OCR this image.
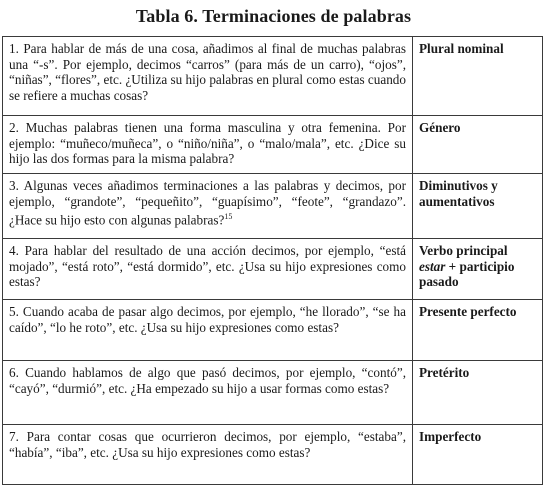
Tabla 6. Terminaciones de palabras
1. Para hablar de más de una cosa, añadimos al final de muchas palabras una “-s”. Por ejemplo, decimos “carros” (para más de un carro), “ojos”, “niñas”, “flores”, etc. ¿Utiliza su hijo palabras en plural como estas cuando se refiere a muchas cosas?	Plural nominal
2. Muchas palabras tienen una forma masculina y otra femenina. Por ejemplo: “muñeco/muñeca”, o “niño/niña”, o “malo/mala”, etc. ¿Dice su hijo las dos formas para la misma palabra?	Género
3. Algunas veces añadimos terminaciones a las palabras y decimos, por ejemplo, “grandote”, “pequeñito”, “guapísimo”, “feote”, “grandazo”. ¿Hace su hijo esto con algunas palabras?$^{15}$	Diminutivos y aumentativos
4. Para hablar del resultado de una acción decimos, por ejemplo, “está mojado”, “está roto”, “está dormido”, etc. ¿Usa su hijo expresiones como estas?	Verbo principal estar + participio pasado
5. Cuando acaba de pasar algo decimos, por ejemplo, “he llorado”, “se ha caído”, “lo he roto”, etc. ¿Usa su hijo expresiones como estas?	Presente perfecto
6. Cuando hablamos de algo que pasó decimos, por ejemplo, “contó”, “cayó”, “durmió”, etc. ¿Ha empezado su hijo a usar formas como estas?	Pretérito
7. Para contar cosas que ocurrieron decimos, por ejemplo, “estaba”, “había”, “iba”, etc. ¿Usa su hijo expresiones como estas?	Imperfecto
